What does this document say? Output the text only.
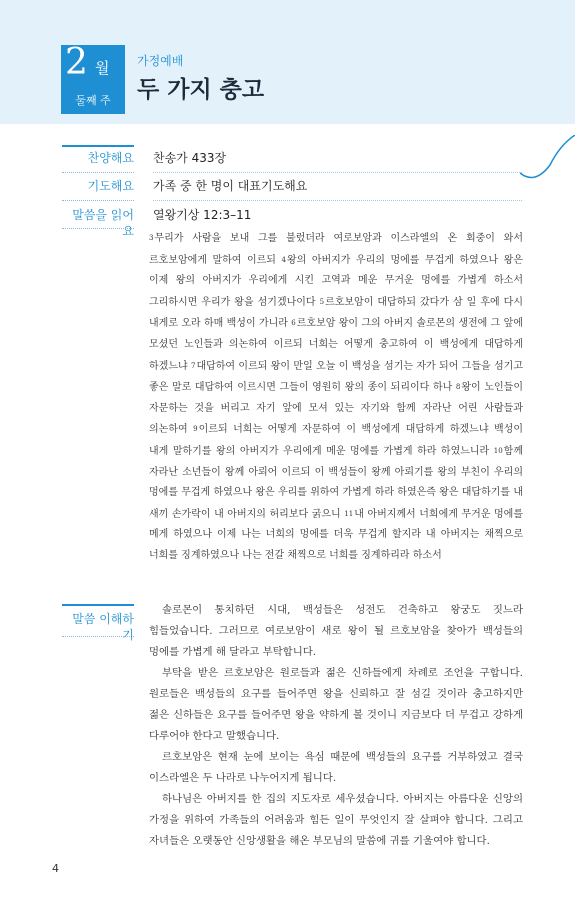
2 월
둘째 주
가정예배
두 가지 충고
찬양해요 찬송가 433장
기도해요 가족 중 한 명이 대표기도해요
말씀을 읽어요
열왕기상 12:3–11
3무리가 사람을 보내 그를 불렀더라 여로보암과 이스라엘의 온 회중이 와서 르호보암에게 말하여 이르되 4왕의 아버지가 우리의 멍에를 무겁게 하였으나 왕은 이제 왕의 아버지가 우리에게 시킨 고역과 메운 무거운 멍에를 가볍게 하소서 그리하시면 우리가 왕을 섬기겠나이다 5르호보암이 대답하되 갔다가 삼 일 후에 다시 내게로 오라 하매 백성이 가니라 6르호보암 왕이 그의 아버지 솔로몬의 생전에 그 앞에 모셨던 노인들과 의논하여 이르되 너희는 어떻게 충고하여 이 백성에게 대답하게 하겠느냐 7대답하여 이르되 왕이 만일 오늘 이 백성을 섬기는 자가 되어 그들을 섬기고 좋은 말로 대답하여 이르시면 그들이 영원히 왕의 종이 되리이다 하나 8왕이 노인들이 자문하는 것을 버리고 자기 앞에 모셔 있는 자기와 함께 자라난 어린 사람들과 의논하여 9이르되 너희는 어떻게 자문하여 이 백성에게 대답하게 하겠느냐 백성이 내게 말하기를 왕의 아버지가 우리에게 메운 멍에를 가볍게 하라 하였느니라 10함께 자라난 소년들이 왕께 아뢰어 이르되 이 백성들이 왕께 아뢰기를 왕의 부친이 우리의 멍에를 무겁게 하였으나 왕은 우리를 위하여 가볍게 하라 하였은즉 왕은 대답하기를 내 새끼 손가락이 내 아버지의 허리보다 굵으니 11내 아버지께서 너희에게 무거운 멍에를 메게 하였으나 이제 나는 너희의 멍에를 더욱 무겁게 할지라 내 아버지는 채찍으로 너희를 징계하였으나 나는 전갈 채찍으로 너희를 징계하리라 하소서
말씀 이해하기

솔로몬이 통치하던 시대, 백성들은 성전도 건축하고 왕궁도 짓느라 힘들었습니다. 그러므로 여로보암이 새로 왕이 될 르호보암을 찾아가 백성들의 멍에를 가볍게 해 달라고 부탁합니다.

부탁을 받은 르호보암은 원로들과 젊은 신하들에게 차례로 조언을 구합니다. 원로들은 백성들의 요구를 들어주면 왕을 신뢰하고 잘 섬길 것이라 충고하지만 젊은 신하들은 요구를 들어주면 왕을 약하게 볼 것이니 지금보다 더 무겁고 강하게 다루어야 한다고 말했습니다.

르호보암은 현재 눈에 보이는 욕심 때문에 백성들의 요구를 거부하였고 결국 이스라엘은 두 나라로 나누어지게 됩니다.

하나님은 아버지를 한 집의 지도자로 세우셨습니다. 아버지는 아름다운 신앙의 가정을 위하여 가족들의 어려움과 힘든 일이 무엇인지 잘 살펴야 합니다. 그리고 자녀들은 오랫동안 신앙생활을 해온 부모님의 말씀에 귀를 기울여야 합니다.

4
